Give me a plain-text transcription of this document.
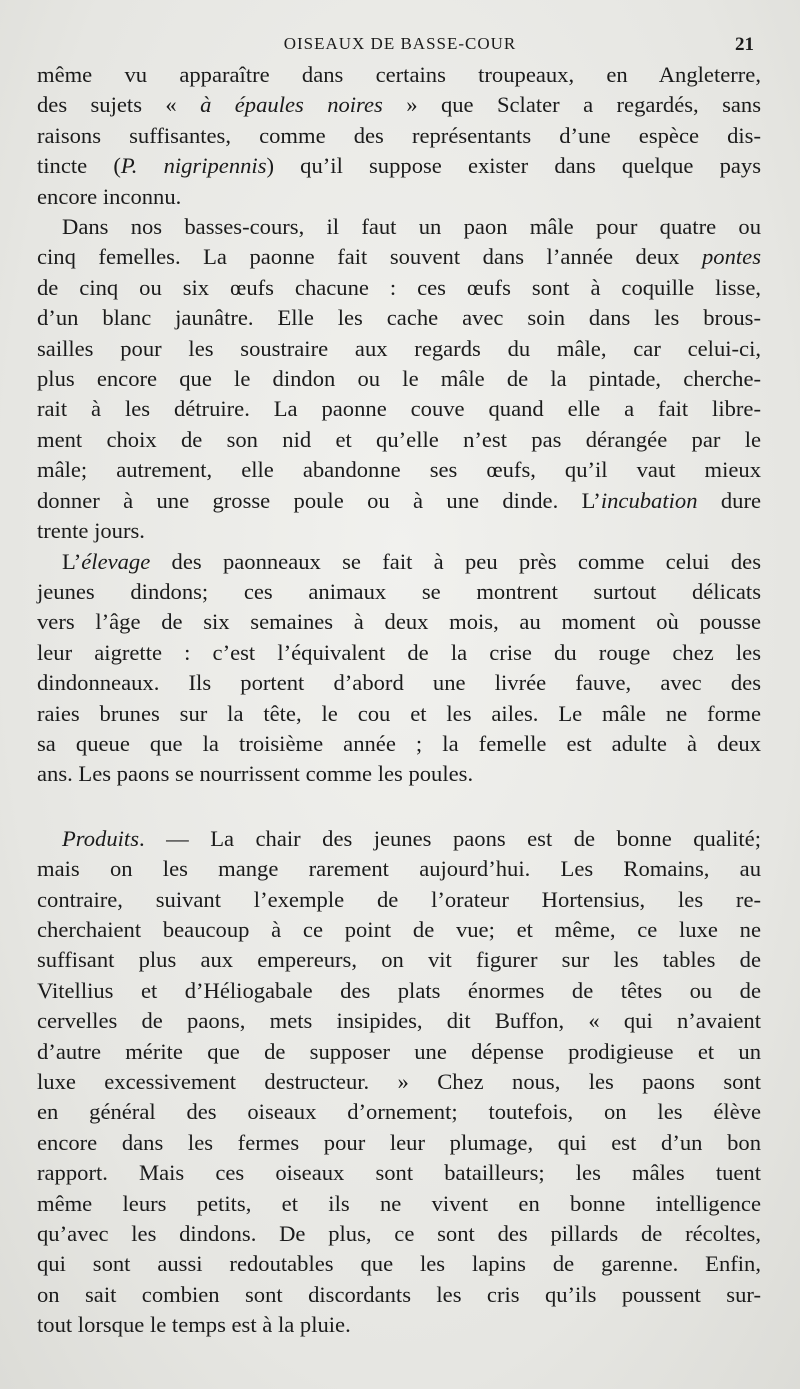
OISEAUX DE BASSE-COUR	21
même vu apparaître dans certains troupeaux, en Angleterre,
des sujets « à épaules noires » que Sclater a regardés, sans
raisons suffisantes, comme des représentants d’une espèce dis-
tincte (P. nigripennis) qu’il suppose exister dans quelque pays
encore inconnu.
Dans nos basses-cours, il faut un paon mâle pour quatre ou
cinq femelles. La paonne fait souvent dans l’année deux pontes
de cinq ou six œufs chacune : ces œufs sont à coquille lisse,
d’un blanc jaunâtre. Elle les cache avec soin dans les brous-
sailles pour les soustraire aux regards du mâle, car celui-ci,
plus encore que le dindon ou le mâle de la pintade, cherche-
rait à les détruire. La paonne couve quand elle a fait libre-
ment choix de son nid et qu’elle n’est pas dérangée par le
mâle; autrement, elle abandonne ses œufs, qu’il vaut mieux
donner à une grosse poule ou à une dinde. L’incubation dure
trente jours.
L’élevage des paonneaux se fait à peu près comme celui des
jeunes dindons; ces animaux se montrent surtout délicats
vers l’âge de six semaines à deux mois, au moment où pousse
leur aigrette : c’est l’équivalent de la crise du rouge chez les
dindonneaux. Ils portent d’abord une livrée fauve, avec des
raies brunes sur la tête, le cou et les ailes. Le mâle ne forme
sa queue que la troisième année ; la femelle est adulte à deux
ans. Les paons se nourrissent comme les poules.
Produits. — La chair des jeunes paons est de bonne qualité;
mais on les mange rarement aujourd’hui. Les Romains, au
contraire, suivant l’exemple de l’orateur Hortensius, les re-
cherchaient beaucoup à ce point de vue; et même, ce luxe ne
suffisant plus aux empereurs, on vit figurer sur les tables de
Vitellius et d’Héliogabale des plats énormes de têtes ou de
cervelles de paons, mets insipides, dit Buffon, « qui n’avaient
d’autre mérite que de supposer une dépense prodigieuse et un
luxe excessivement destructeur. » Chez nous, les paons sont
en général des oiseaux d’ornement; toutefois, on les élève
encore dans les fermes pour leur plumage, qui est d’un bon
rapport. Mais ces oiseaux sont batailleurs; les mâles tuent
même leurs petits, et ils ne vivent en bonne intelligence
qu’avec les dindons. De plus, ce sont des pillards de récoltes,
qui sont aussi redoutables que les lapins de garenne. Enfin,
on sait combien sont discordants les cris qu’ils poussent sur-
tout lorsque le temps est à la pluie.
